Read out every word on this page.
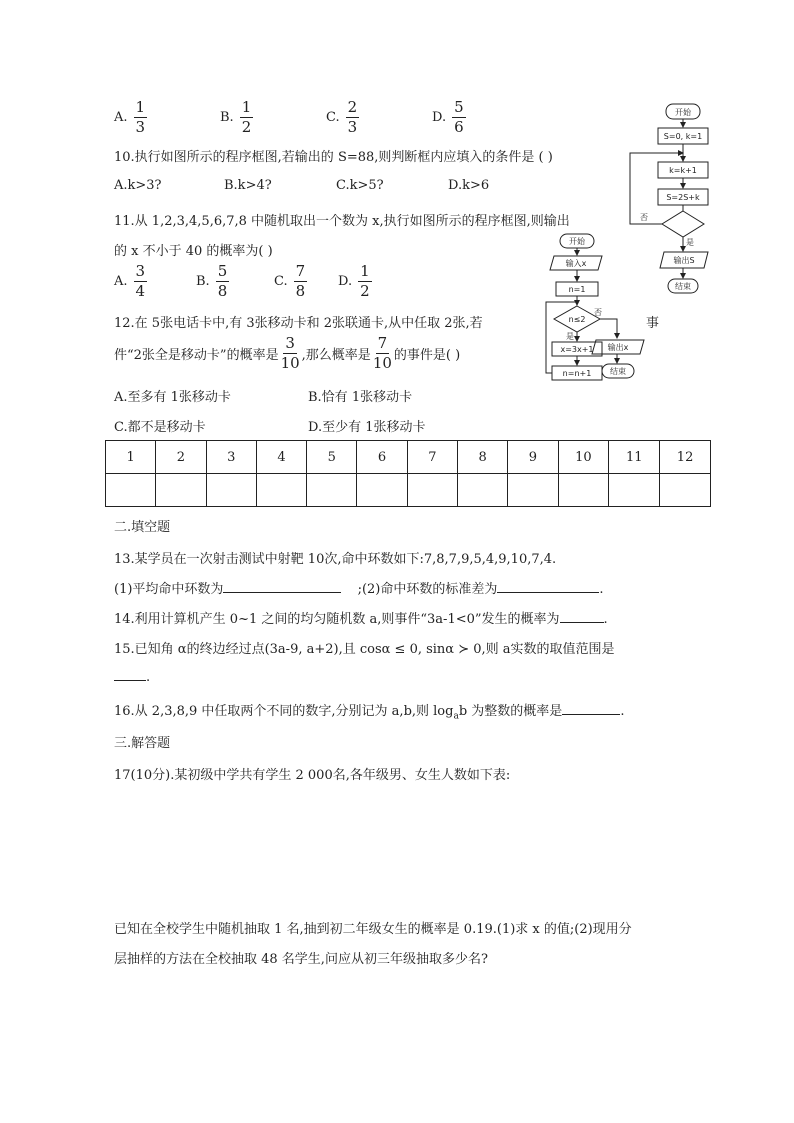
A. $\frac{1}{3}$	B. $\frac{1}{2}$	C. $\frac{2}{3}$	D. $\frac{5}{6}$
10.执行如图所示的程序框图,若输出的 S=88,则判断框内应填入的条件是 ( )
A.k>3?	B.k>4?	C.k>5?	D.k>6
11.从 1,2,3,4,5,6,7,8 中随机取出一个数为 x,执行如图所示的程序框图,则输出
的 x 不小于 40 的概率为( )
A. $\frac{3}{4}$	B. $\frac{5}{8}$	C. $\frac{7}{8} D$. $\frac{1}{2}$
12.在 5张电话卡中,有 3张移动卡和 2张联通卡,从中任取 2张,若	事
件“2张全是移动卡”的概率是 $\frac{3}{10}$ ,那么概率是 $\frac{7}{10}$ 的事件是( )
A.至多有 1张移动卡	B.恰有 1张移动卡
C.都不是移动卡	D.至少有 1张移动卡
1	2	3	4	5	6	7	8	9	10	11	12

二.填空题
13.某学员在一次射击测试中射靶 10次,命中环数如下:7,8,7,9,5,4,9,10,7,4.
(1)平均命中环数为	;(2)命中环数的标准差为	.
14.利用计算机产生 0~1 之间的均匀随机数 a,则事件“3a-1<0”发生的概率为	.
15.已知角 α的终边经过点(3a-9, a+2),且 cosα ≤ 0, sinα ≻ 0,则 a实数的取值范围是
.
16.从 2,3,8,9 中任取两个不同的数字,分别记为 a,b,则 $\log_ab$ 为整数的概率是	.
三.解答题
17(10分).某初级中学共有学生 2 000名,各年级男、女生人数如下表:
已知在全校学生中随机抽取 1 名,抽到初二年级女生的概率是 0.19.(1)求 x 的值;(2)现用分
层抽样的方法在全校抽取 48 名学生,问应从初三年级抽取多少名?
开始
S=0, k=1
k=k+1
S=2S+k
否
是
输出S
结束
开始
输入x
n=1
n≤2
否
是
x=3x+1 输出x
n=n+1 结束
